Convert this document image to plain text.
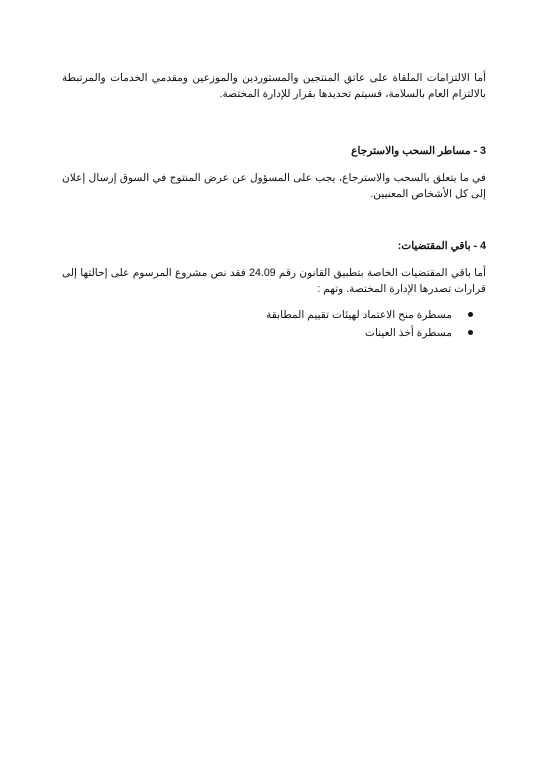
أما الالتزامات الملقاة على عاتق المنتجين والمستوردين والموزعين ومقدمي الخدمات والمرتبطة بالالتزام العام بالسلامة، فسيتم تحديدها بقرار للإدارة المختصة.

3 - مساطر السحب والاسترجاع

في ما يتعلق بالسحب والاسترجاع، يجب على المسؤول عن عرض المنتوج في السوق إرسال إعلان إلى كل الأشخاص المعنيين.

4 - باقي المقتضيات:

أما باقي المقتضيات الخاصة بتطبيق القانون رقم 24.09 فقد نص مشروع المرسوم على إحالتها إلى قرارات تصدرها الإدارة المختصة. وتهم :

مسطرة منح الاعتماد لهيئات تقييم المطابقة
مسطرة أخذ العينات
